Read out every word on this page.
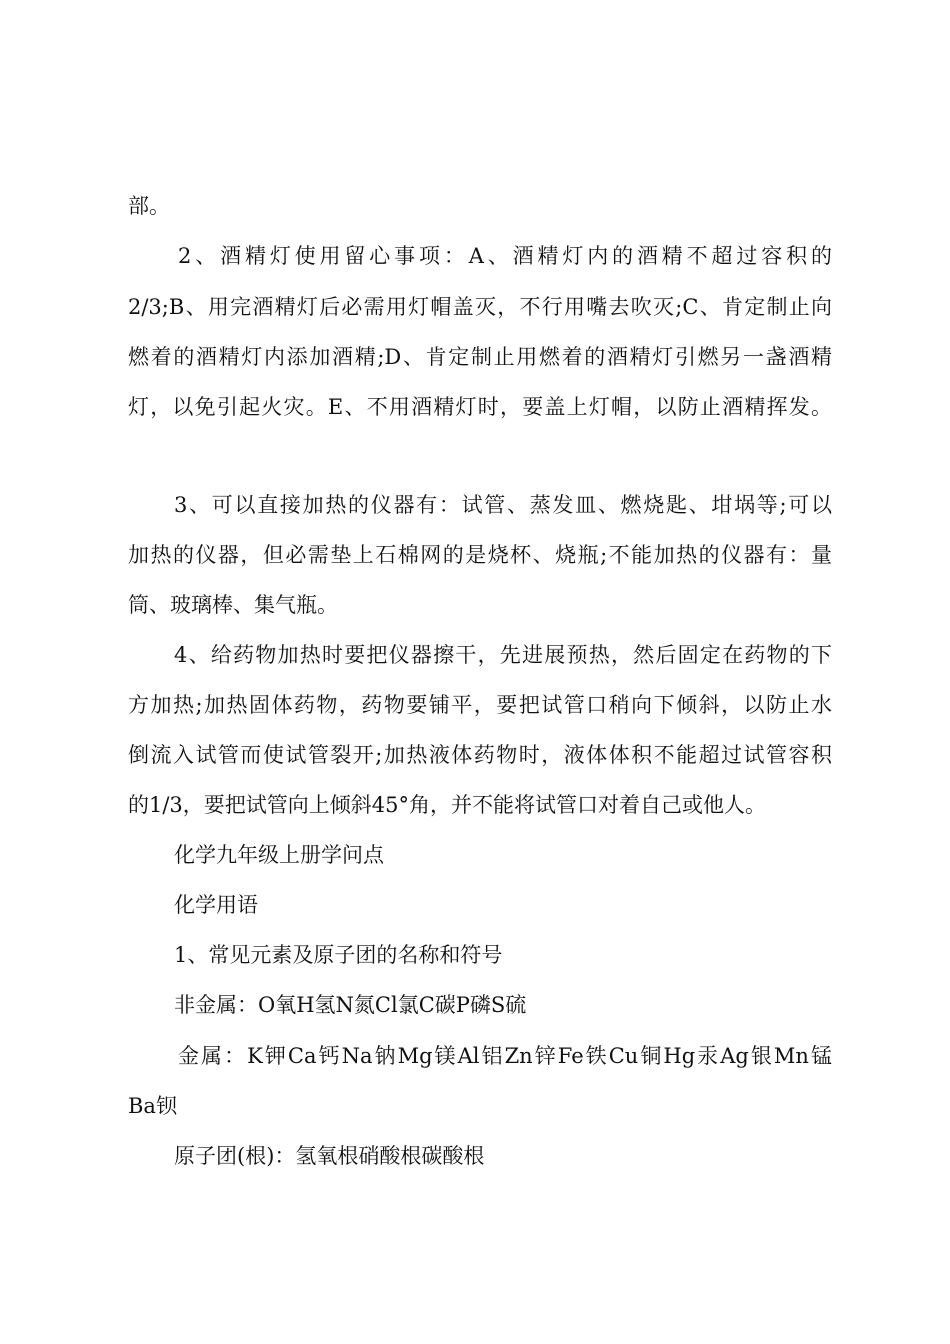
部。
2、酒精灯使用留心事项：A、酒精灯内的酒精不超过容积的
2/3;B、用完酒精灯后必需用灯帽盖灭，不行用嘴去吹灭;C、肯定制止向
燃着的酒精灯内添加酒精;D、肯定制止用燃着的酒精灯引燃另一盏酒精
灯，以免引起火灾。E、不用酒精灯时，要盖上灯帽，以防止酒精挥发。
3、可以直接加热的仪器有：试管、蒸发皿、燃烧匙、坩埚等;可以
加热的仪器，但必需垫上石棉网的是烧杯、烧瓶;不能加热的仪器有：量
筒、玻璃棒、集气瓶。
4、给药物加热时要把仪器擦干，先进展预热，然后固定在药物的下
方加热;加热固体药物，药物要铺平，要把试管口稍向下倾斜，以防止水
倒流入试管而使试管裂开;加热液体药物时，液体体积不能超过试管容积
的1/3，要把试管向上倾斜45°角，并不能将试管口对着自己或他人。
化学九年级上册学问点
化学用语
1、常见元素及原子团的名称和符号
非金属：O氧H氢N氮Cl氯C碳P磷S硫
金属：K钾Ca钙Na钠Mg镁Al铝Zn锌Fe铁Cu铜Hg汞Ag银Mn锰
Ba钡
原子团(根)：氢氧根硝酸根碳酸根
